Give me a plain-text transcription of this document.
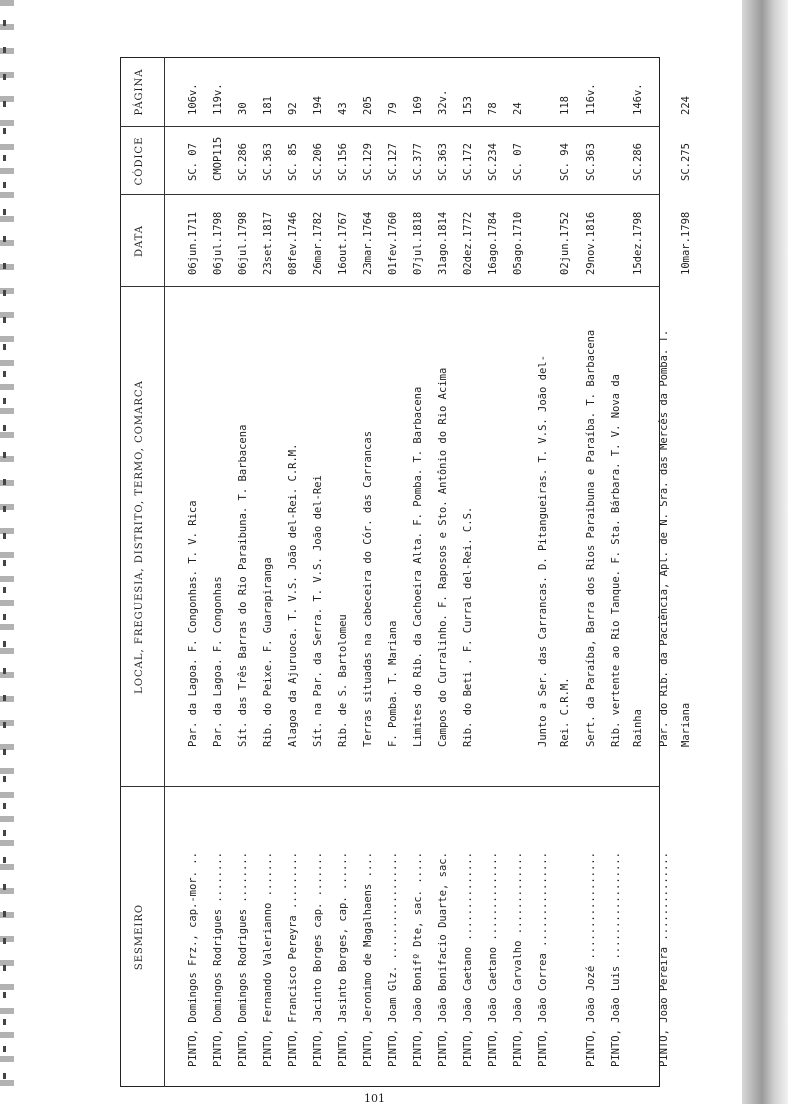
SESMEIRO
LOCAL, FREGUESIA, DISTRITO, TERMO, COMARCA
DATA
CÓDICE
PÁGINA
PINTO, Domingos Frz., cap.-mor. ..
Par. da Lagoa. F. Congonhas. T. V. Rica
06jun.1711
SC. 07
106v.
PINTO, Domingos Rodrigues ........
Par. da Lagoa. F. Congonhas
06jul.1798
CMOP115
119v.
PINTO, Domingos Rodrigues ........
Sít. das Três Barras do Rio Paraibuna. T. Barbacena
06jul.1798
SC.286
30
PINTO, Fernando Valerianno .......
Rib. do Peixe. F. Guarapiranga
23set.1817
SC.363
181
PINTO, Francisco Pereyra .........
Alagoa da Ajuruoca. T. V.S. João del-Rei. C.R.M.
08fev.1746
SC. 85
92
PINTO, Jacinto Borges cap. .......
Sít. na Par. da Serra. T. V.S. João del-Rei
26mar.1782
SC.206
194
PINTO, Jasinto Borges, cap. ......
Rib. de S. Bartolomeu
16out.1767
SC.156
43
PINTO, Jeronimo de Magalhaens ....
Terras situadas na cabeceira do Cór. das Carrancas
23mar.1764
SC.129
205
PINTO, Joam Glz. .................
F. Pomba. T. Mariana
01fev.1760
SC.127
79
PINTO, João Bonifº Dte, sac. .....
Limites do Rib. da Cachoeira Alta. F. Pomba. T. Barbacena
07jul.1818
SC.377
169
PINTO, João Bonifacio Duarte, sac.
Campos do Curralinho. F. Raposos e Sto. Antônio do Rio Acima
31ago.1814
SC.363
32v.
PINTO, João Caetano ..............
Rib. do Beti . F. Curral del-Rei. C.S.
02dez.1772
SC.172
153
PINTO, João Caetano ..............
16ago.1784
SC.234
78
PINTO, João Carvalho .............
05ago.1710
SC. 07
24
PINTO, João Correa ...............
Junto a Ser. das Carrancas. D. Pitangueiras. T. V.S. João del- Rei. C.R.M.
02jun.1752
SC. 94
118
PINTO, João Jozé .................
Sert. da Paraíba, Barra dos Rios Paraibuna e Paraíba. T. Barbacena
29nov.1816
SC.363
116v.
PINTO, João Luis .................
Rib. vertente ao Rio Tanque. F. Sta. Bárbara. T. V. Nova da Rainha
15dez.1798
SC.286
146v.
PINTO, João Pereira ..............
Par. do Rib. da Paciência, Apl. de N. Sra. das Mercês da Pomba. T. Mariana
10mar.1798
SC.275
224
101
